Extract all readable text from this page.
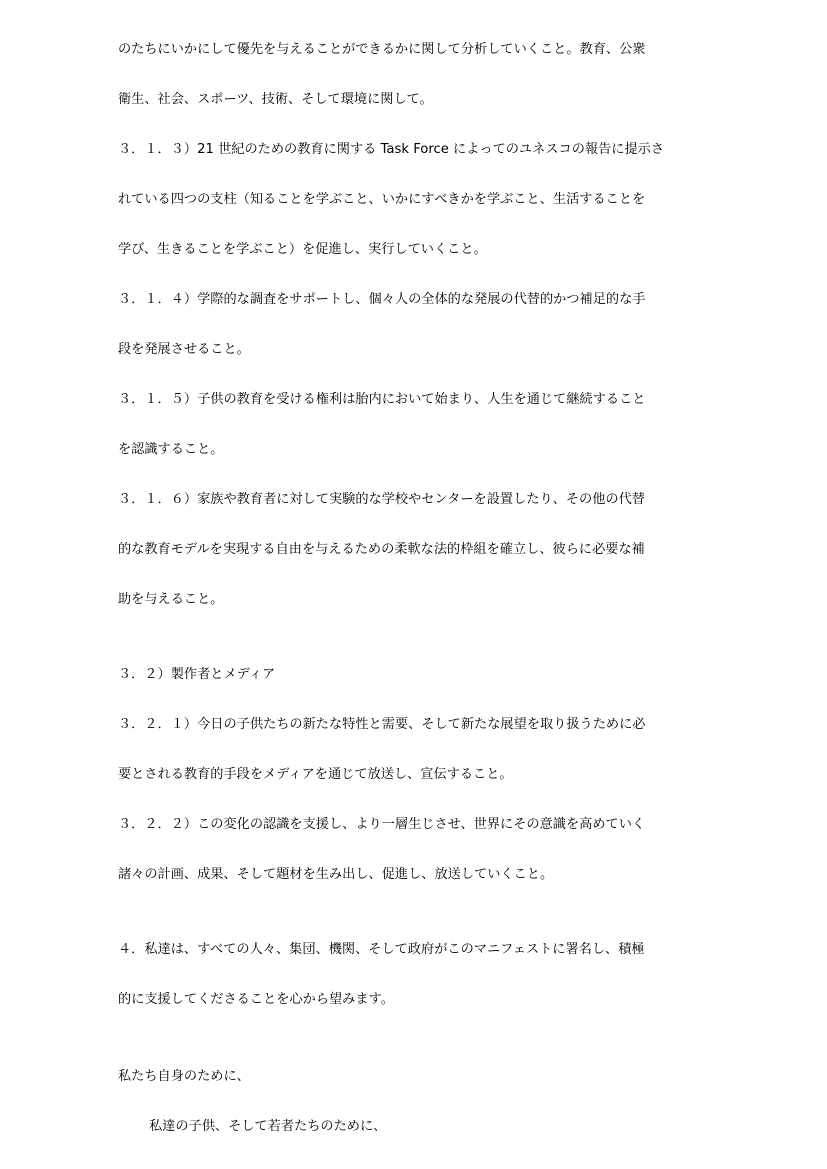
のたちにいかにして優先を与えることができるかに関して分析していくこと。教育、公衆
衛生、社会、スポーツ、技術、そして環境に関して。
３．１．３）21 世紀のための教育に関する Task Force によってのユネスコの報告に提示さ
れている四つの支柱（知ることを学ぶこと、いかにすべきかを学ぶこと、生活することを
学び、生きることを学ぶこと）を促進し、実行していくこと。
３．１．４）学際的な調査をサポートし、個々人の全体的な発展の代替的かつ補足的な手
段を発展させること。
３．１．５）子供の教育を受ける権利は胎内において始まり、人生を通じて継続すること
を認識すること。
３．１．６）家族や教育者に対して実験的な学校やセンターを設置したり、その他の代替
的な教育モデルを実現する自由を与えるための柔軟な法的枠組を確立し、彼らに必要な補
助を与えること。
３．２）製作者とメディア
３．２．１）今日の子供たちの新たな特性と需要、そして新たな展望を取り扱うために必
要とされる教育的手段をメディアを通じて放送し、宣伝すること。
３．２．２）この変化の認識を支援し、より一層生じさせ、世界にその意識を高めていく
諸々の計画、成果、そして題材を生み出し、促進し、放送していくこと。
４．私達は、すべての人々、集団、機関、そして政府がこのマニフェストに署名し、積極
的に支援してくださることを心から望みます。
私たち自身のために、
私達の子供、そして若者たちのために、
